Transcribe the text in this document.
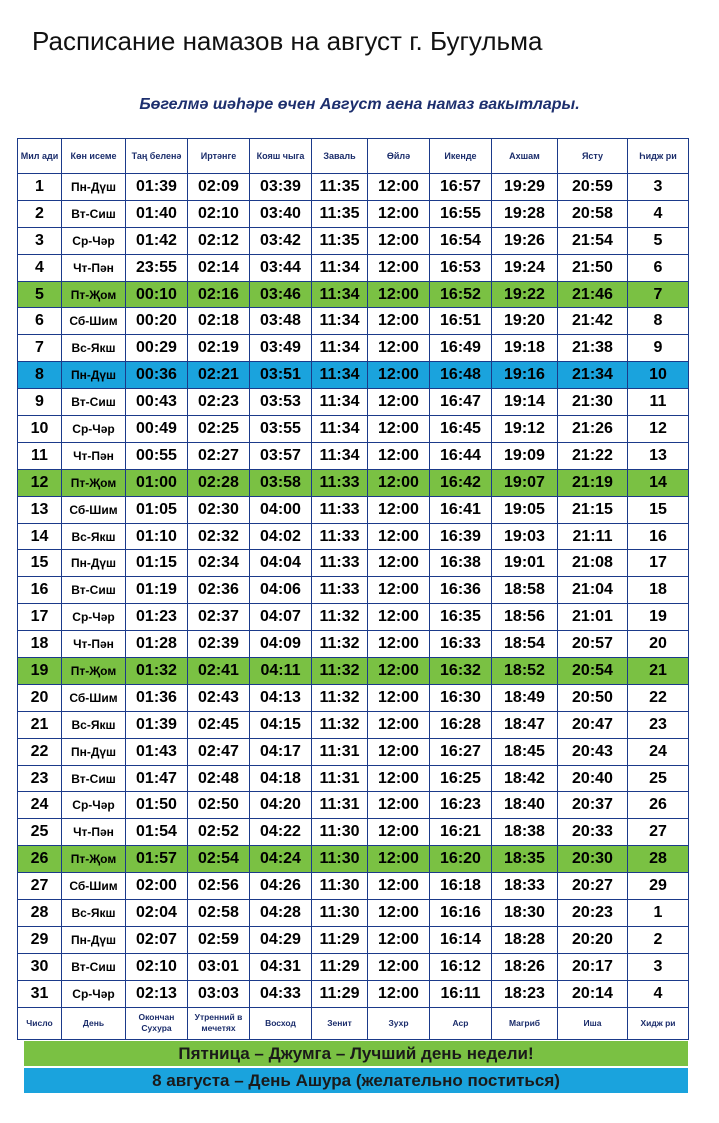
Расписание намазов на август г. Бугульма
Бөгелмә шәһәре өчен Август аена намаз вакытлары.
Мил ади	Көн исеме	Таң беленә	Иртәнге	Кояш чыга	Заваль	Өйлә	Икенде	Ахшам	Ясту	Һидж ри
1	Пн-Дүш	01:39	02:09	03:39	11:35	12:00	16:57	19:29	20:59	3
2	Вт-Сиш	01:40	02:10	03:40	11:35	12:00	16:55	19:28	20:58	4
3	Ср-Чәр	01:42	02:12	03:42	11:35	12:00	16:54	19:26	21:54	5
4	Чт-Пән	23:55	02:14	03:44	11:34	12:00	16:53	19:24	21:50	6
5	Пт-Җом	00:10	02:16	03:46	11:34	12:00	16:52	19:22	21:46	7
6	Сб-Шим	00:20	02:18	03:48	11:34	12:00	16:51	19:20	21:42	8
7	Вс-Якш	00:29	02:19	03:49	11:34	12:00	16:49	19:18	21:38	9
8	Пн-Дүш	00:36	02:21	03:51	11:34	12:00	16:48	19:16	21:34	10
9	Вт-Сиш	00:43	02:23	03:53	11:34	12:00	16:47	19:14	21:30	11
10	Ср-Чәр	00:49	02:25	03:55	11:34	12:00	16:45	19:12	21:26	12
11	Чт-Пән	00:55	02:27	03:57	11:34	12:00	16:44	19:09	21:22	13
12	Пт-Җом	01:00	02:28	03:58	11:33	12:00	16:42	19:07	21:19	14
13	Сб-Шим	01:05	02:30	04:00	11:33	12:00	16:41	19:05	21:15	15
14	Вс-Якш	01:10	02:32	04:02	11:33	12:00	16:39	19:03	21:11	16
15	Пн-Дүш	01:15	02:34	04:04	11:33	12:00	16:38	19:01	21:08	17
16	Вт-Сиш	01:19	02:36	04:06	11:33	12:00	16:36	18:58	21:04	18
17	Ср-Чәр	01:23	02:37	04:07	11:32	12:00	16:35	18:56	21:01	19
18	Чт-Пән	01:28	02:39	04:09	11:32	12:00	16:33	18:54	20:57	20
19	Пт-Җом	01:32	02:41	04:11	11:32	12:00	16:32	18:52	20:54	21
20	Сб-Шим	01:36	02:43	04:13	11:32	12:00	16:30	18:49	20:50	22
21	Вс-Якш	01:39	02:45	04:15	11:32	12:00	16:28	18:47	20:47	23
22	Пн-Дүш	01:43	02:47	04:17	11:31	12:00	16:27	18:45	20:43	24
23	Вт-Сиш	01:47	02:48	04:18	11:31	12:00	16:25	18:42	20:40	25
24	Ср-Чәр	01:50	02:50	04:20	11:31	12:00	16:23	18:40	20:37	26
25	Чт-Пән	01:54	02:52	04:22	11:30	12:00	16:21	18:38	20:33	27
26	Пт-Җом	01:57	02:54	04:24	11:30	12:00	16:20	18:35	20:30	28
27	Сб-Шим	02:00	02:56	04:26	11:30	12:00	16:18	18:33	20:27	29
28	Вс-Якш	02:04	02:58	04:28	11:30	12:00	16:16	18:30	20:23	1
29	Пн-Дүш	02:07	02:59	04:29	11:29	12:00	16:14	18:28	20:20	2
30	Вт-Сиш	02:10	03:01	04:31	11:29	12:00	16:12	18:26	20:17	3
31	Ср-Чәр	02:13	03:03	04:33	11:29	12:00	16:11	18:23	20:14	4
Число	День	Окончан Сухура	Утренний в мечетях	Восход	Зенит	Зухр	Аср	Магриб	Иша	Хидж ри
Пятница – Джумга – Лучший день недели!
8 августа – День Ашура (желательно поститься)
